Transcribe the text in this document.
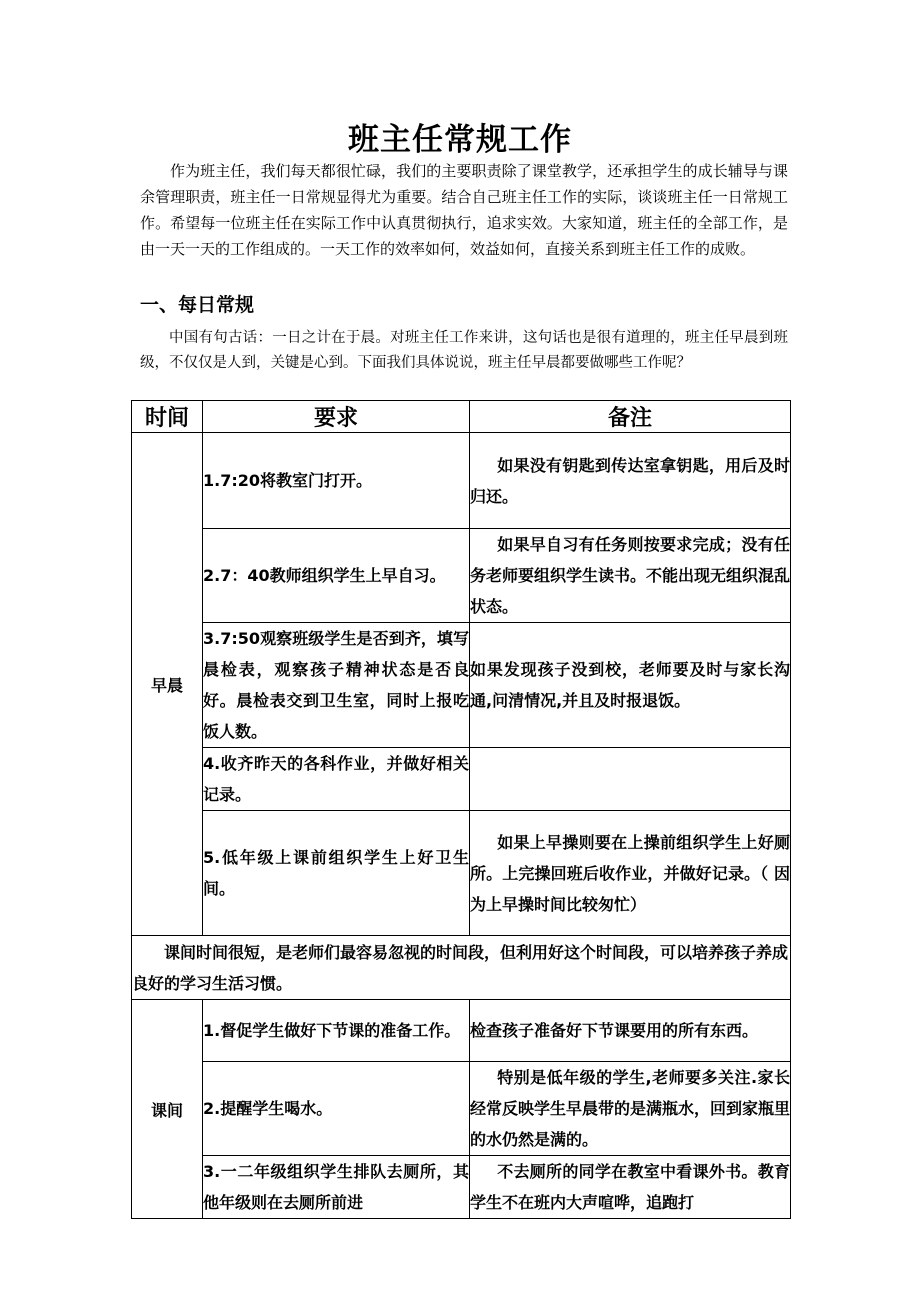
班主任常规工作

作为班主任，我们每天都很忙碌，我们的主要职责除了课堂教学，还承担学生的成长辅导与课余管理职责，班主任一日常规显得尤为重要。结合自己班主任工作的实际，谈谈班主任一日常规工作。希望每一位班主任在实际工作中认真贯彻执行，追求实效。大家知道，班主任的全部工作，是由一天一天的工作组成的。一天工作的效率如何，效益如何，直接关系到班主任工作的成败。

一、每日常规

中国有句古话：一日之计在于晨。对班主任工作来讲，这句话也是很有道理的，班主任早晨到班级，不仅仅是人到，关键是心到。下面我们具体说说，班主任早晨都要做哪些工作呢？

时间	要求	备注
早晨	1.7:20将教室门打开。	如果没有钥匙到传达室拿钥匙，用后及时归还。
	2.7：40教师组织学生上早自习。	如果早自习有任务则按要求完成；没有任务老师要组织学生读书。不能出现无组织混乱状态。
	3.7:50观察班级学生是否到齐，填写晨检表，观察孩子精神状态是否良好。晨检表交到卫生室，同时上报吃饭人数。	如果发现孩子没到校，老师要及时与家长沟通,问清情况,并且及时报退饭。
	4.收齐昨天的各科作业，并做好相关记录。	
	5.低年级上课前组织学生上好卫生间。	如果上早操则要在上操前组织学生上好厕所。上完操回班后收作业，并做好记录。（ 因为上早操时间比较匆忙）
课间时间很短，是老师们最容易忽视的时间段，但利用好这个时间段，可以培养孩子养成良好的学习生活习惯。		
课间	1.督促学生做好下节课的准备工作。	检查孩子准备好下节课要用的所有东西。
	2.提醒学生喝水。	特别是低年级的学生,老师要多关注.家长经常反映学生早晨带的是满瓶水，回到家瓶里的水仍然是满的。
	3.一二年级组织学生排队去厕所，其他年级则在去厕所前进	不去厕所的同学在教室中看课外书。教育学生不在班内大声喧哗，追跑打
